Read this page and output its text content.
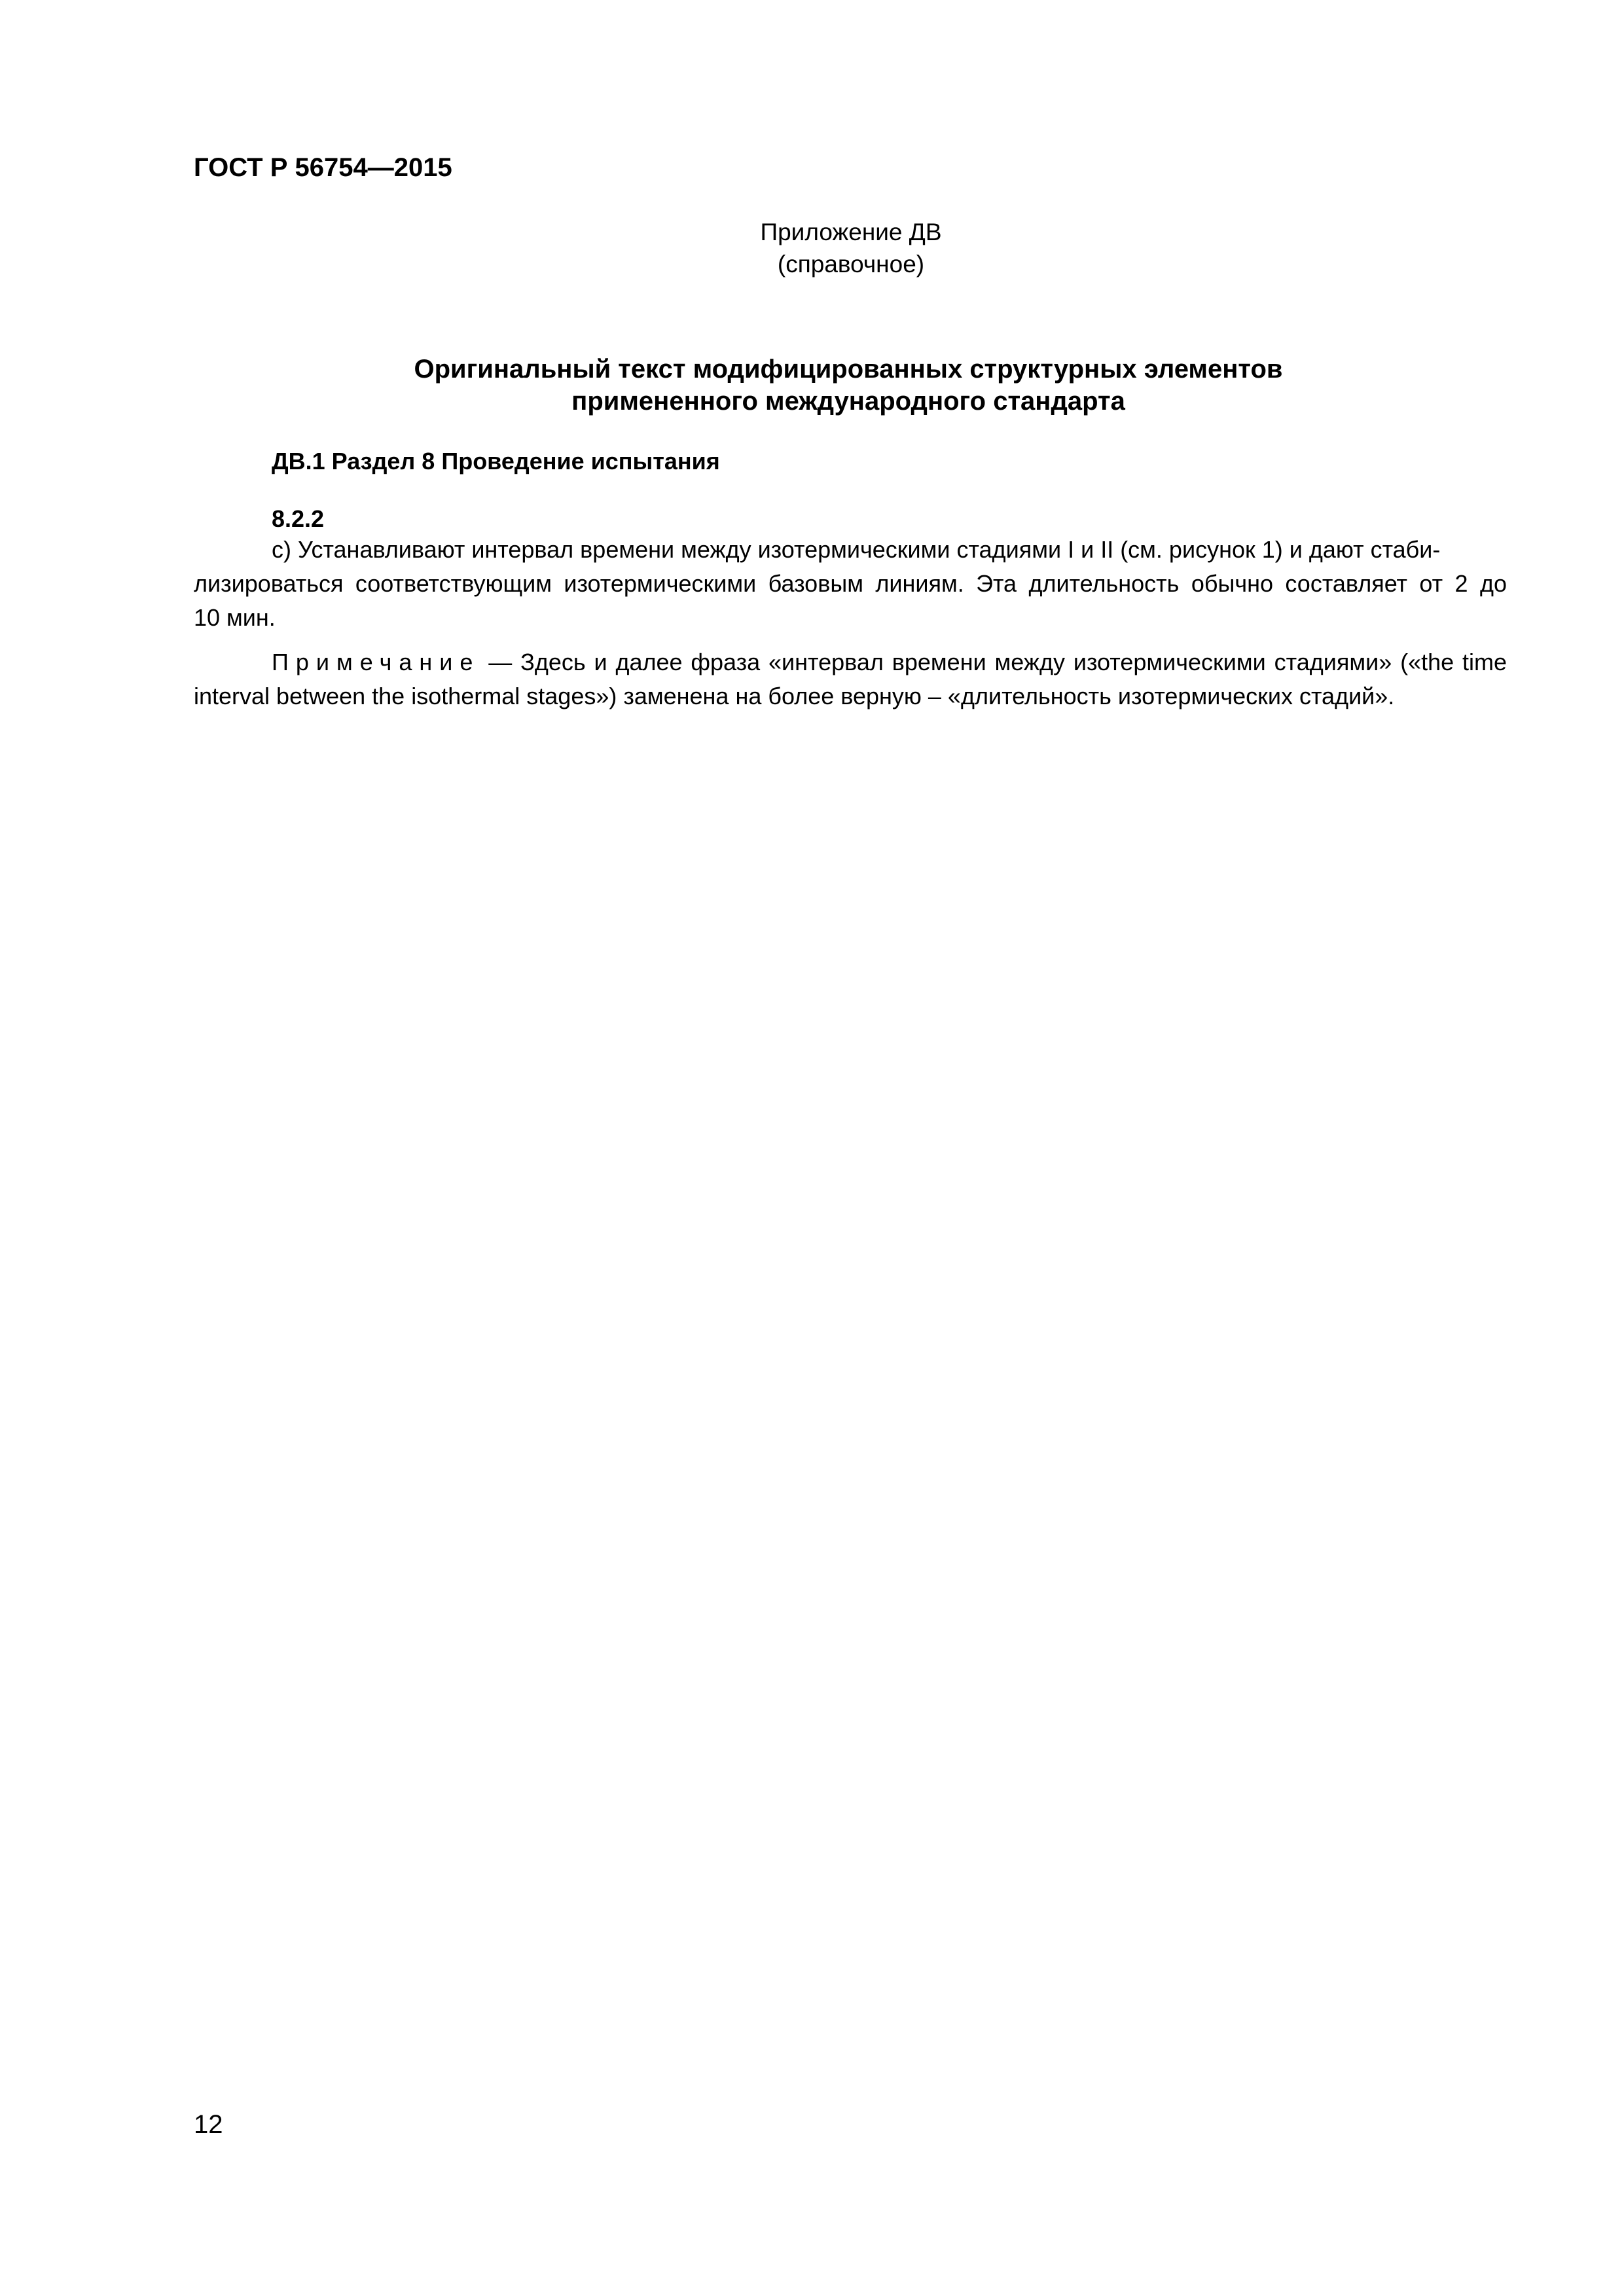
ГОСТ Р 56754—2015
Приложение ДВ
(справочное)
Оригинальный текст модифицированных структурных элементов
примененного международного стандарта
ДВ.1 Раздел 8 Проведение испытания
8.2.2
c) Устанавливают интервал времени между изотермическими стадиями I и II (см. рисунок 1) и дают стаби-
лизироваться соответствующим изотермическими базовым линиям. Эта длительность обычно составляет от 2 до
10 мин.
Примечание — Здесь и далее фраза «интервал времени между изотермическими стадиями» («the time interval between the isothermal stages») заменена на более верную – «длительность изотермических стадий».
12
